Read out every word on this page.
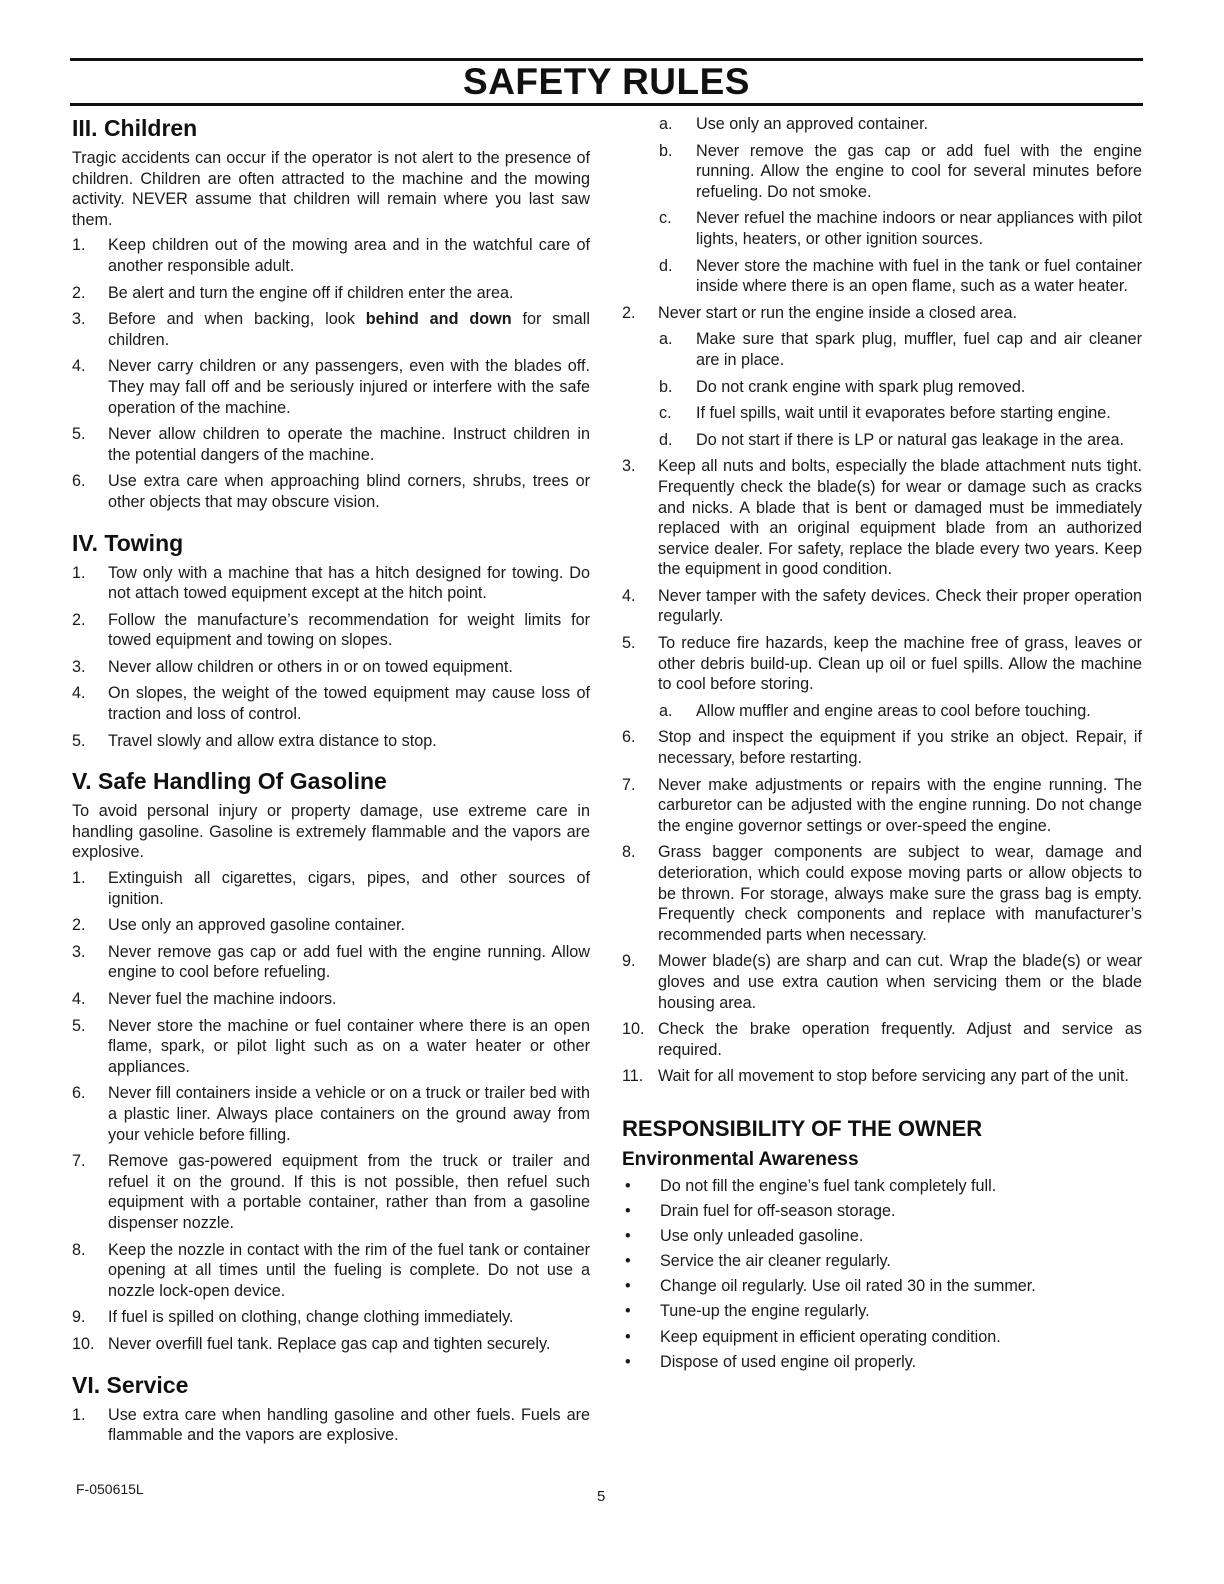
SAFETY RULES
III. Children
Tragic accidents can occur if the operator is not alert to the presence of children. Children are often attracted to the machine and the mowing activity. NEVER assume that children will remain where you last saw them.
1. Keep children out of the mowing area and in the watchful care of another responsible adult.
2. Be alert and turn the engine off if children enter the area.
3. Before and when backing, look behind and down for small children.
4. Never carry children or any passengers, even with the blades off. They may fall off and be seriously injured or interfere with the safe operation of the machine.
5. Never allow children to operate the machine. Instruct children in the potential dangers of the machine.
6. Use extra care when approaching blind corners, shrubs, trees or other objects that may obscure vision.
IV. Towing
1. Tow only with a machine that has a hitch designed for towing. Do not attach towed equipment except at the hitch point.
2. Follow the manufacture’s recommendation for weight limits for towed equipment and towing on slopes.
3. Never allow children or others in or on towed equipment.
4. On slopes, the weight of the towed equipment may cause loss of traction and loss of control.
5. Travel slowly and allow extra distance to stop.
V. Safe Handling Of Gasoline
To avoid personal injury or property damage, use extreme care in handling gasoline. Gasoline is extremely flammable and the vapors are explosive.
1. Extinguish all cigarettes, cigars, pipes, and other sources of ignition.
2. Use only an approved gasoline container.
3. Never remove gas cap or add fuel with the engine running. Allow engine to cool before refueling.
4. Never fuel the machine indoors.
5. Never store the machine or fuel container where there is an open flame, spark, or pilot light such as on a water heater or other appliances.
6. Never fill containers inside a vehicle or on a truck or trailer bed with a plastic liner. Always place containers on the ground away from your vehicle before filling.
7. Remove gas-powered equipment from the truck or trailer and refuel it on the ground. If this is not possible, then refuel such equipment with a portable container, rather than from a gasoline dispenser nozzle.
8. Keep the nozzle in contact with the rim of the fuel tank or container opening at all times until the fueling is complete. Do not use a nozzle lock-open device.
9. If fuel is spilled on clothing, change clothing immediately.
10. Never overfill fuel tank. Replace gas cap and tighten securely.
VI. Service
1. Use extra care when handling gasoline and other fuels. Fuels are flammable and the vapors are explosive.
a. Use only an approved container.
b. Never remove the gas cap or add fuel with the engine running. Allow the engine to cool for several minutes before refueling. Do not smoke.
c. Never refuel the machine indoors or near appliances with pilot lights, heaters, or other ignition sources.
d. Never store the machine with fuel in the tank or fuel container inside where there is an open flame, such as a water heater.
2. Never start or run the engine inside a closed area.
a. Make sure that spark plug, muffler, fuel cap and air cleaner are in place.
b. Do not crank engine with spark plug removed.
c. If fuel spills, wait until it evaporates before starting engine.
d. Do not start if there is LP or natural gas leakage in the area.
3. Keep all nuts and bolts, especially the blade attachment nuts tight. Frequently check the blade(s) for wear or damage such as cracks and nicks. A blade that is bent or damaged must be immediately replaced with an original equipment blade from an authorized service dealer. For safety, replace the blade every two years. Keep the equipment in good condition.
4. Never tamper with the safety devices. Check their proper operation regularly.
5. To reduce fire hazards, keep the machine free of grass, leaves or other debris build-up. Clean up oil or fuel spills. Allow the machine to cool before storing.
a. Allow muffler and engine areas to cool before touching.
6. Stop and inspect the equipment if you strike an object. Repair, if necessary, before restarting.
7. Never make adjustments or repairs with the engine running. The carburetor can be adjusted with the engine running. Do not change the engine governor settings or over-speed the engine.
8. Grass bagger components are subject to wear, damage and deterioration, which could expose moving parts or allow objects to be thrown. For storage, always make sure the grass bag is empty. Frequently check components and replace with manufacturer’s recommended parts when necessary.
9. Mower blade(s) are sharp and can cut. Wrap the blade(s) or wear gloves and use extra caution when servicing them or the blade housing area.
10. Check the brake operation frequently. Adjust and service as required.
11. Wait for all movement to stop before servicing any part of the unit.
RESPONSIBILITY OF THE OWNER
Environmental Awareness
• Do not fill the engine’s fuel tank completely full.
• Drain fuel for off-season storage.
• Use only unleaded gasoline.
• Service the air cleaner regularly.
• Change oil regularly. Use oil rated 30 in the summer.
• Tune-up the engine regularly.
• Keep equipment in efficient operating condition.
• Dispose of used engine oil properly.
F-050615L	5
